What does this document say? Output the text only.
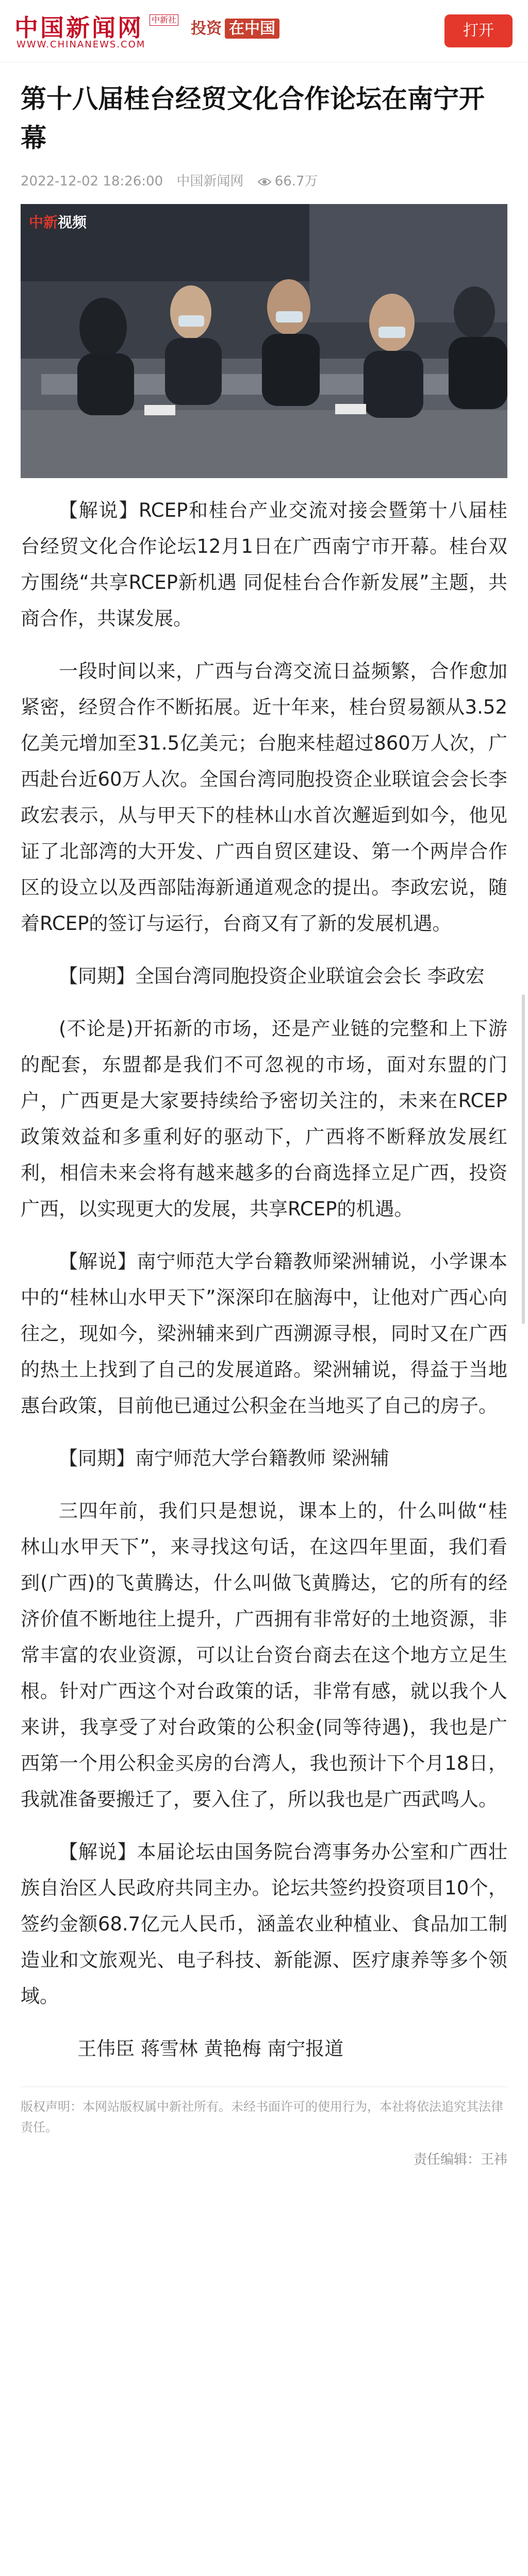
中国新闻网 中新社
WWW.CHINANEWS.COM
投资 在中国	打开
第十八届桂台经贸文化合作论坛在南宁开幕
2022-12-02 18:26:00 中国新闻网 66.7万
中新视频

【解说】RCEP和桂台产业交流对接会暨第十八届桂台经贸文化合作论坛12月1日在广西南宁市开幕。桂台双方围绕“共享RCEP新机遇 同促桂台合作新发展”主题，共商合作，共谋发展。

一段时间以来，广西与台湾交流日益频繁，合作愈加紧密，经贸合作不断拓展。近十年来，桂台贸易额从3.52亿美元增加至31.5亿美元；台胞来桂超过860万人次，广西赴台近60万人次。全国台湾同胞投资企业联谊会会长李政宏表示，从与甲天下的桂林山水首次邂逅到如今，他见证了北部湾的大开发、广西自贸区建设、第一个两岸合作区的设立以及西部陆海新通道观念的提出。李政宏说，随着RCEP的签订与运行，台商又有了新的发展机遇。

【同期】全国台湾同胞投资企业联谊会会长 李政宏

(不论是)开拓新的市场，还是产业链的完整和上下游的配套，东盟都是我们不可忽视的市场，面对东盟的门户，广西更是大家要持续给予密切关注的，未来在RCEP政策效益和多重利好的驱动下，广西将不断释放发展红利，相信未来会将有越来越多的台商选择立足广西，投资广西，以实现更大的发展，共享RCEP的机遇。

【解说】南宁师范大学台籍教师梁洲辅说，小学课本中的“桂林山水甲天下”深深印在脑海中，让他对广西心向往之，现如今，梁洲辅来到广西溯源寻根，同时又在广西的热土上找到了自己的发展道路。梁洲辅说，得益于当地惠台政策，目前他已通过公积金在当地买了自己的房子。

【同期】南宁师范大学台籍教师 梁洲辅

三四年前，我们只是想说，课本上的，什么叫做“桂林山水甲天下”，来寻找这句话，在这四年里面，我们看到(广西)的飞黄腾达，什么叫做飞黄腾达，它的所有的经济价值不断地往上提升，广西拥有非常好的土地资源，非常丰富的农业资源，可以让台资台商去在这个地方立足生根。针对广西这个对台政策的话，非常有感，就以我个人来讲，我享受了对台政策的公积金(同等待遇)，我也是广西第一个用公积金买房的台湾人，我也预计下个月18日，我就准备要搬迁了，要入住了，所以我也是广西武鸣人。

【解说】本届论坛由国务院台湾事务办公室和广西壮族自治区人民政府共同主办。论坛共签约投资项目10个，签约金额68.7亿元人民币，涵盖农业种植业、食品加工制造业和文旅观光、电子科技、新能源、医疗康养等多个领域。

王伟臣 蒋雪林 黄艳梅 南宁报道
版权声明：本网站版权属中新社所有。未经书面许可的使用行为，本社将依法追究其法律责任。
责任编辑：王祎
